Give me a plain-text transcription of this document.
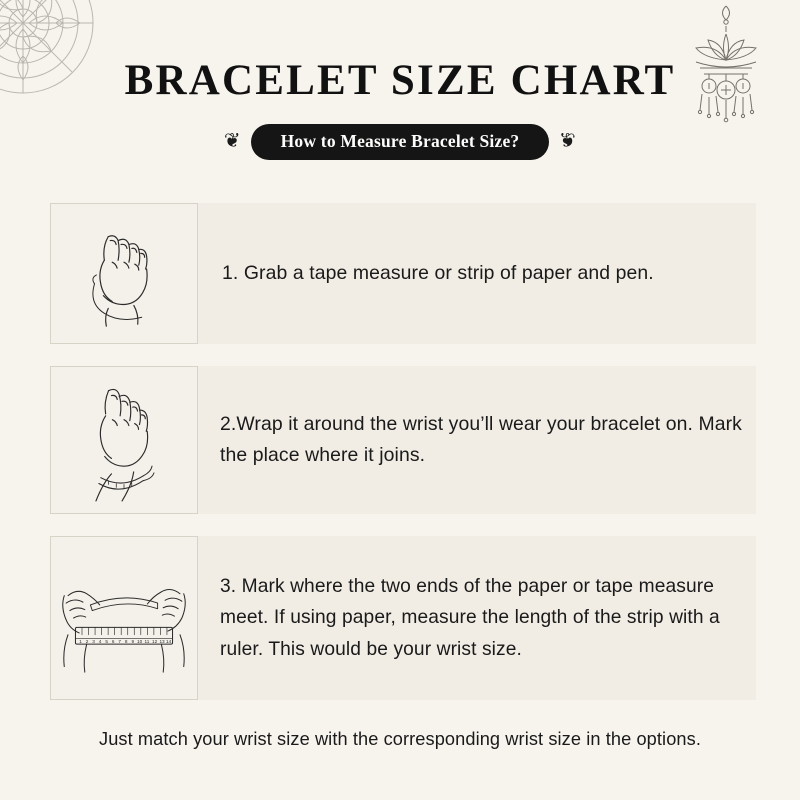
BRACELET SIZE CHART
❦	How to Measure Bracelet Size?	❦
1. Grab a tape measure or strip of paper and pen.
2.Wrap it around the wrist you’ll wear your bracelet on. Mark the place where it joins.
1 2 3 4 5 6 7 8 9 10 11 12 13 14
3. Mark where the two ends of the paper or tape measure meet. If using paper, measure the length of the strip with a ruler. This would be your wrist size.
Just match your wrist size with the corresponding wrist size in the options.
